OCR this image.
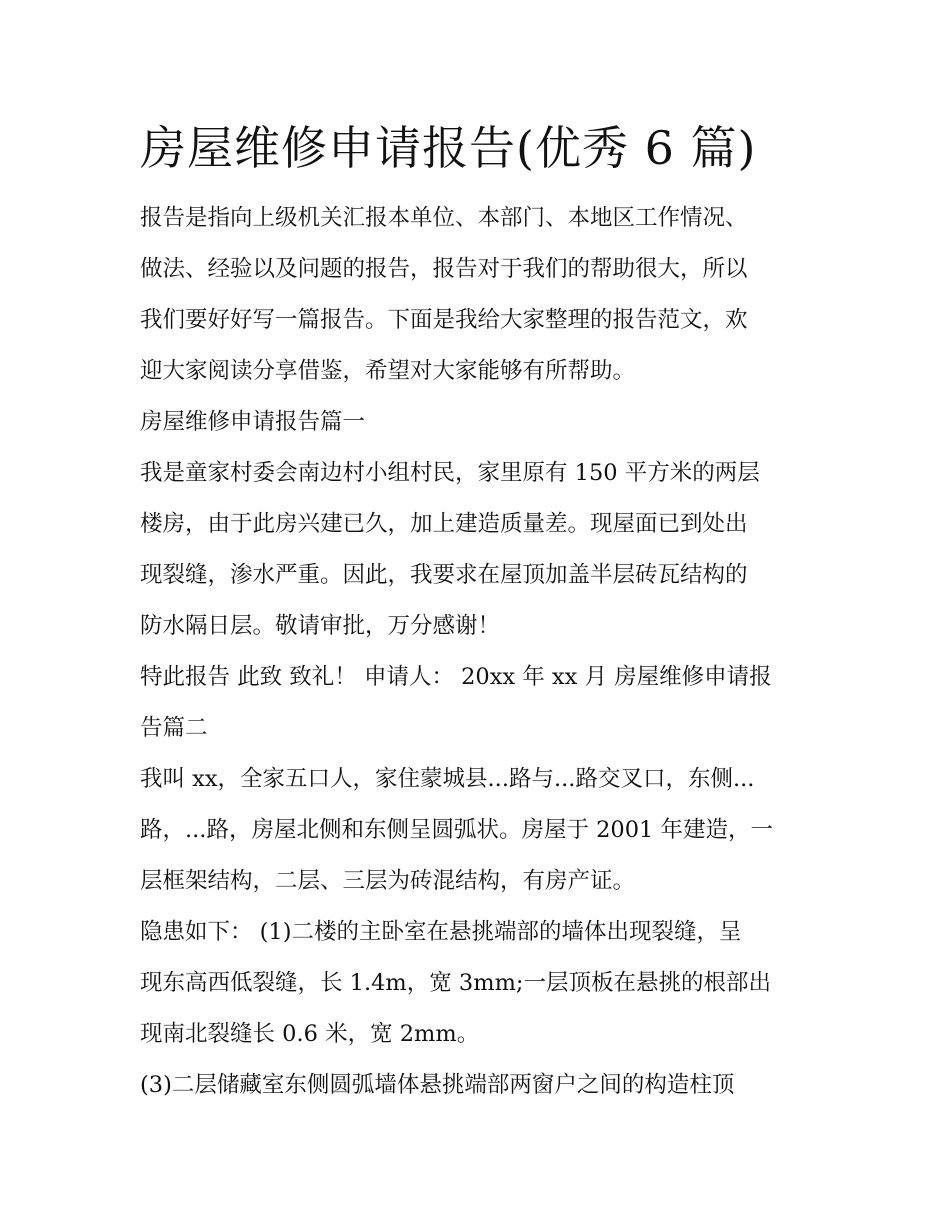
房屋维修申请报告(优秀 6 篇)
报告是指向上级机关汇报本单位、本部门、本地区工作情况、
做法、经验以及问题的报告，报告对于我们的帮助很大，所以
我们要好好写一篇报告。下面是我给大家整理的报告范文，欢
迎大家阅读分享借鉴，希望对大家能够有所帮助。
房屋维修申请报告篇一
我是童家村委会南边村小组村民，家里原有 150 平方米的两层
楼房，由于此房兴建已久，加上建造质量差。现屋面已到处出
现裂缝，渗水严重。因此，我要求在屋顶加盖半层砖瓦结构的
防水隔日层。敬请审批，万分感谢！
特此报告 此致 致礼！ 申请人： 20xx 年 xx 月 房屋维修申请报
告篇二
我叫 xx，全家五口人，家住蒙城县...路与...路交叉口，东侧...
路，...路，房屋北侧和东侧呈圆弧状。房屋于 2001 年建造，一
层框架结构，二层、三层为砖混结构，有房产证。
隐患如下： (1)二楼的主卧室在悬挑端部的墙体出现裂缝，呈
现东高西低裂缝，长 1.4m，宽 3mm;一层顶板在悬挑的根部出
现南北裂缝长 0.6 米，宽 2mm。
(3)二层储藏室东侧圆弧墙体悬挑端部两窗户之间的构造柱顶
